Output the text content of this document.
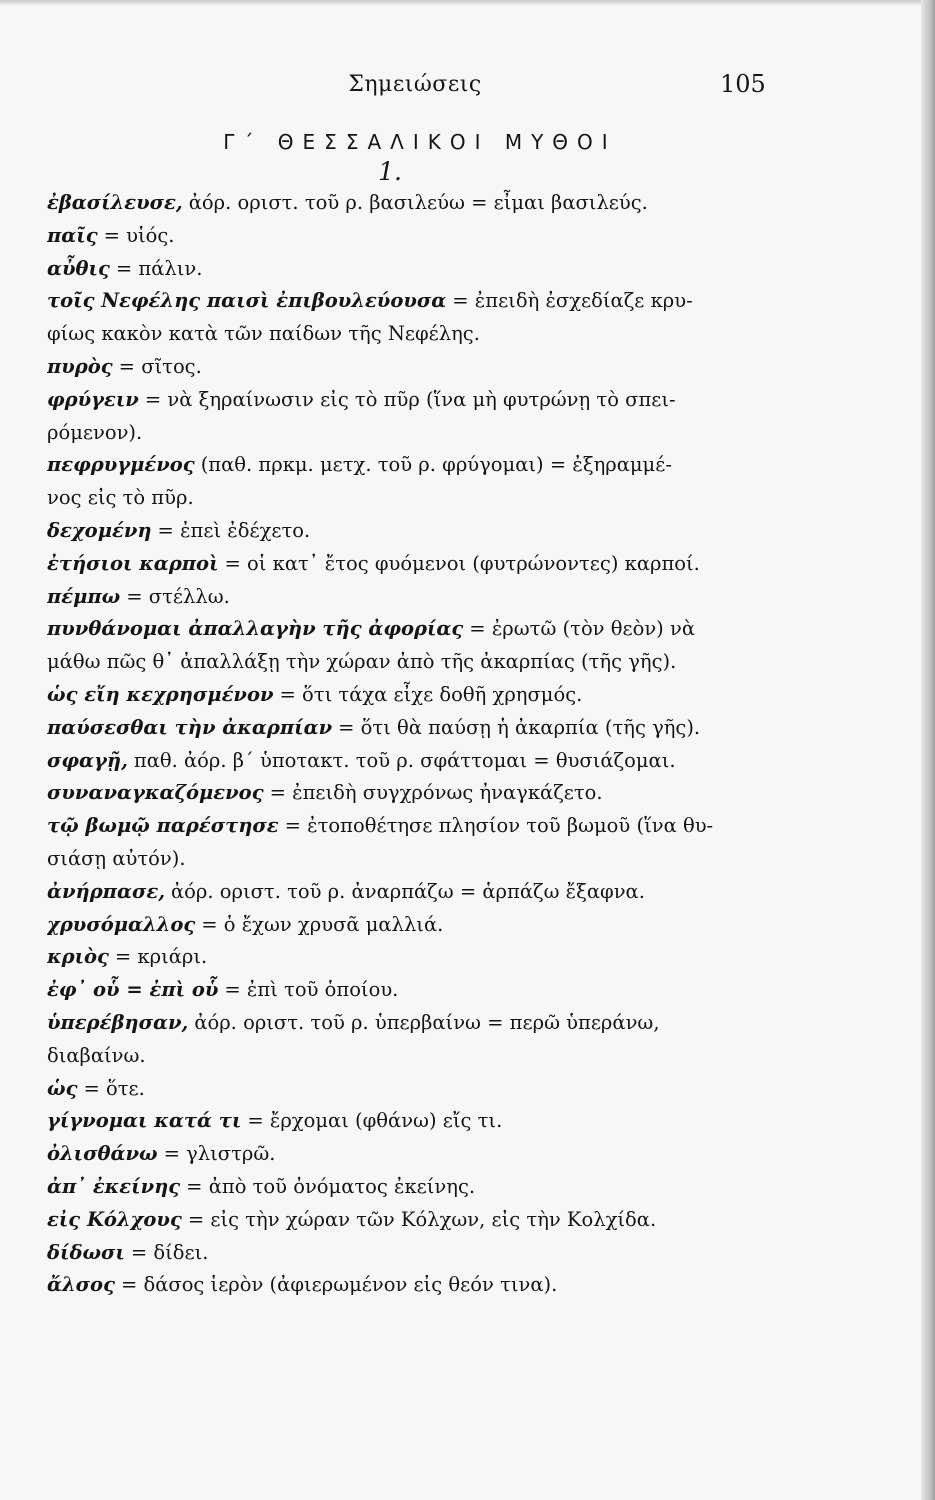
Σημειώσεις	105
Γ΄ ΘΕΣΣΑΛΙΚΟΙ ΜΥΘΟΙ
1.
ἐβασίλευσε, ἀόρ. οριστ. τοῦ ρ. βασιλεύω = εἶμαι βασιλεύς.
παῖς = υἱός.
αὖθις = πάλιν.
τοῖς Νεφέλης παισὶ ἐπιβουλεύουσα = ἐπειδὴ ἐσχεδίαζε κρυ-
φίως κακὸν κατὰ τῶν παίδων τῆς Νεφέλης.
πυρὸς = σῖτος.
φρύγειν = νὰ ξηραίνωσιν εἰς τὸ πῦρ (ἵνα μὴ φυτρώνῃ τὸ σπει-
ρόμενον).
πεφρυγμένος (παθ. πρκμ. μετχ. τοῦ ρ. φρύγομαι) = ἐξηραμμέ-
νος εἰς τὸ πῦρ.
δεχομένη = ἐπεὶ ἐδέχετο.
ἐτήσιοι καρποὶ = οἱ κατ᾽ ἔτος φυόμενοι (φυτρώνοντες) καρποί.
πέμπω = στέλλω.
πυνθάνομαι ἀπαλλαγὴν τῆς ἀφορίας = ἐρωτῶ (τὸν θεὸν) νὰ
μάθω πῶς θ᾽ ἀπαλλάξῃ τὴν χώραν ἀπὸ τῆς ἀκαρπίας (τῆς γῆς).
ὡς εἴη κεχρησμένον = ὅτι τάχα εἶχε δοθῆ χρησμός.
παύσεσθαι τὴν ἀκαρπίαν = ὅτι θὰ παύσῃ ἡ ἀκαρπία (τῆς γῆς).
σφαγῇ, παθ. ἀόρ. β΄ ὑποτακτ. τοῦ ρ. σφάττομαι = θυσιάζομαι.
συναναγκαζόμενος = ἐπειδὴ συγχρόνως ἠναγκάζετο.
τῷ βωμῷ παρέστησε = ἐτοποθέτησε πλησίον τοῦ βωμοῦ (ἵνα θυ-
σιάσῃ αὐτόν).
ἀνήρπασε, ἀόρ. οριστ. τοῦ ρ. ἀναρπάζω = ἁρπάζω ἔξαφνα.
χρυσόμαλλος = ὁ ἔχων χρυσᾶ μαλλιά.
κριὸς = κριάρι.
ἐφ᾽ οὗ = ἐπὶ οὗ = ἐπὶ τοῦ ὁποίου.
ὑπερέβησαν, ἀόρ. οριστ. τοῦ ρ. ὑπερβαίνω = περῶ ὑπεράνω,
διαβαίνω.
ὡς = ὅτε.
γίγνομαι κατά τι = ἔρχομαι (φθάνω) εἴς τι.
ὀλισθάνω = γλιστρῶ.
ἀπ᾽ ἐκείνης = ἀπὸ τοῦ ὀνόματος ἐκείνης.
εἰς Κόλχους = εἰς τὴν χώραν τῶν Κόλχων, εἰς τὴν Κολχίδα.
δίδωσι = δίδει.
ἄλσος = δάσος ἱερὸν (ἀφιερωμένον εἰς θεόν τινα).
